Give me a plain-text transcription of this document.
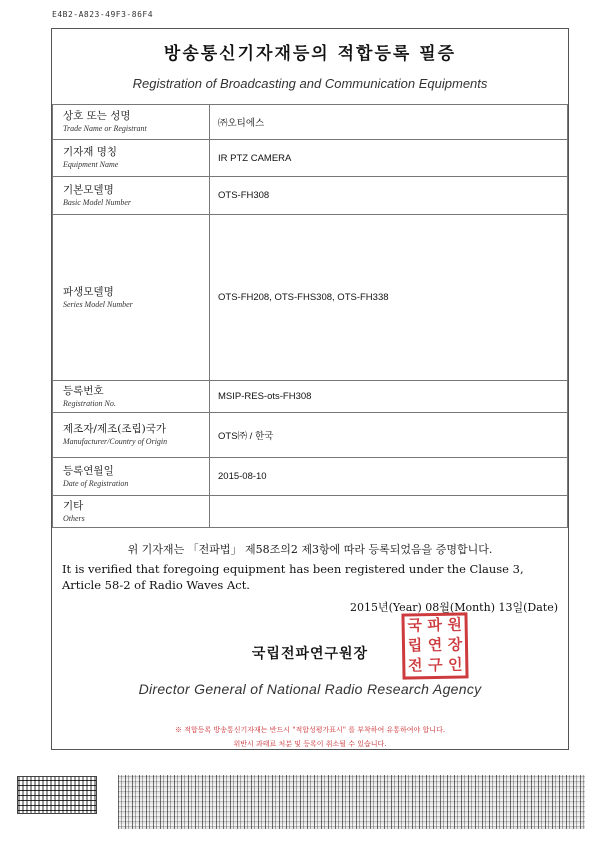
E4B2-A823-49F3-86F4
방송통신기자재등의 적합등록 필증
Registration of Broadcasting and Communication Equipments
상호 또는 성명
Trade Name or Registrant	㈜오티에스

기자재 명칭
Equipment Name	IR PTZ CAMERA

기본모델명
Basic Model Number	OTS-FH308

파생모델명
Series Model Number	OTS-FH208, OTS-FHS308, OTS-FH338

등록번호
Registration No.	MSIP-RES-ots-FH308

제조자/제조(조립)국가
Manufacturer/Country of Origin	OTS㈜ / 한국

등록연월일
Date of Registration	2015-08-10

기타
Others	

위 기자재는 「전파법」 제58조의2 제3항에 따라 등록되었음을 증명합니다.
It is verified that foregoing equipment has been registered under the Clause 3, Article 58-2 of Radio Waves Act.
2015년(Year) 08월(Month) 13일(Date)
국립전파연구원장
국 파 원
립 연 장
전 구 인
Director General of National Radio Research Agency
※ 적합등록 방송통신기자재는 반드시 "적합성평가표시" 를 부착하여 유통하여야 합니다.
위반시 과태료 처분 및 등록이 취소될 수 있습니다.
